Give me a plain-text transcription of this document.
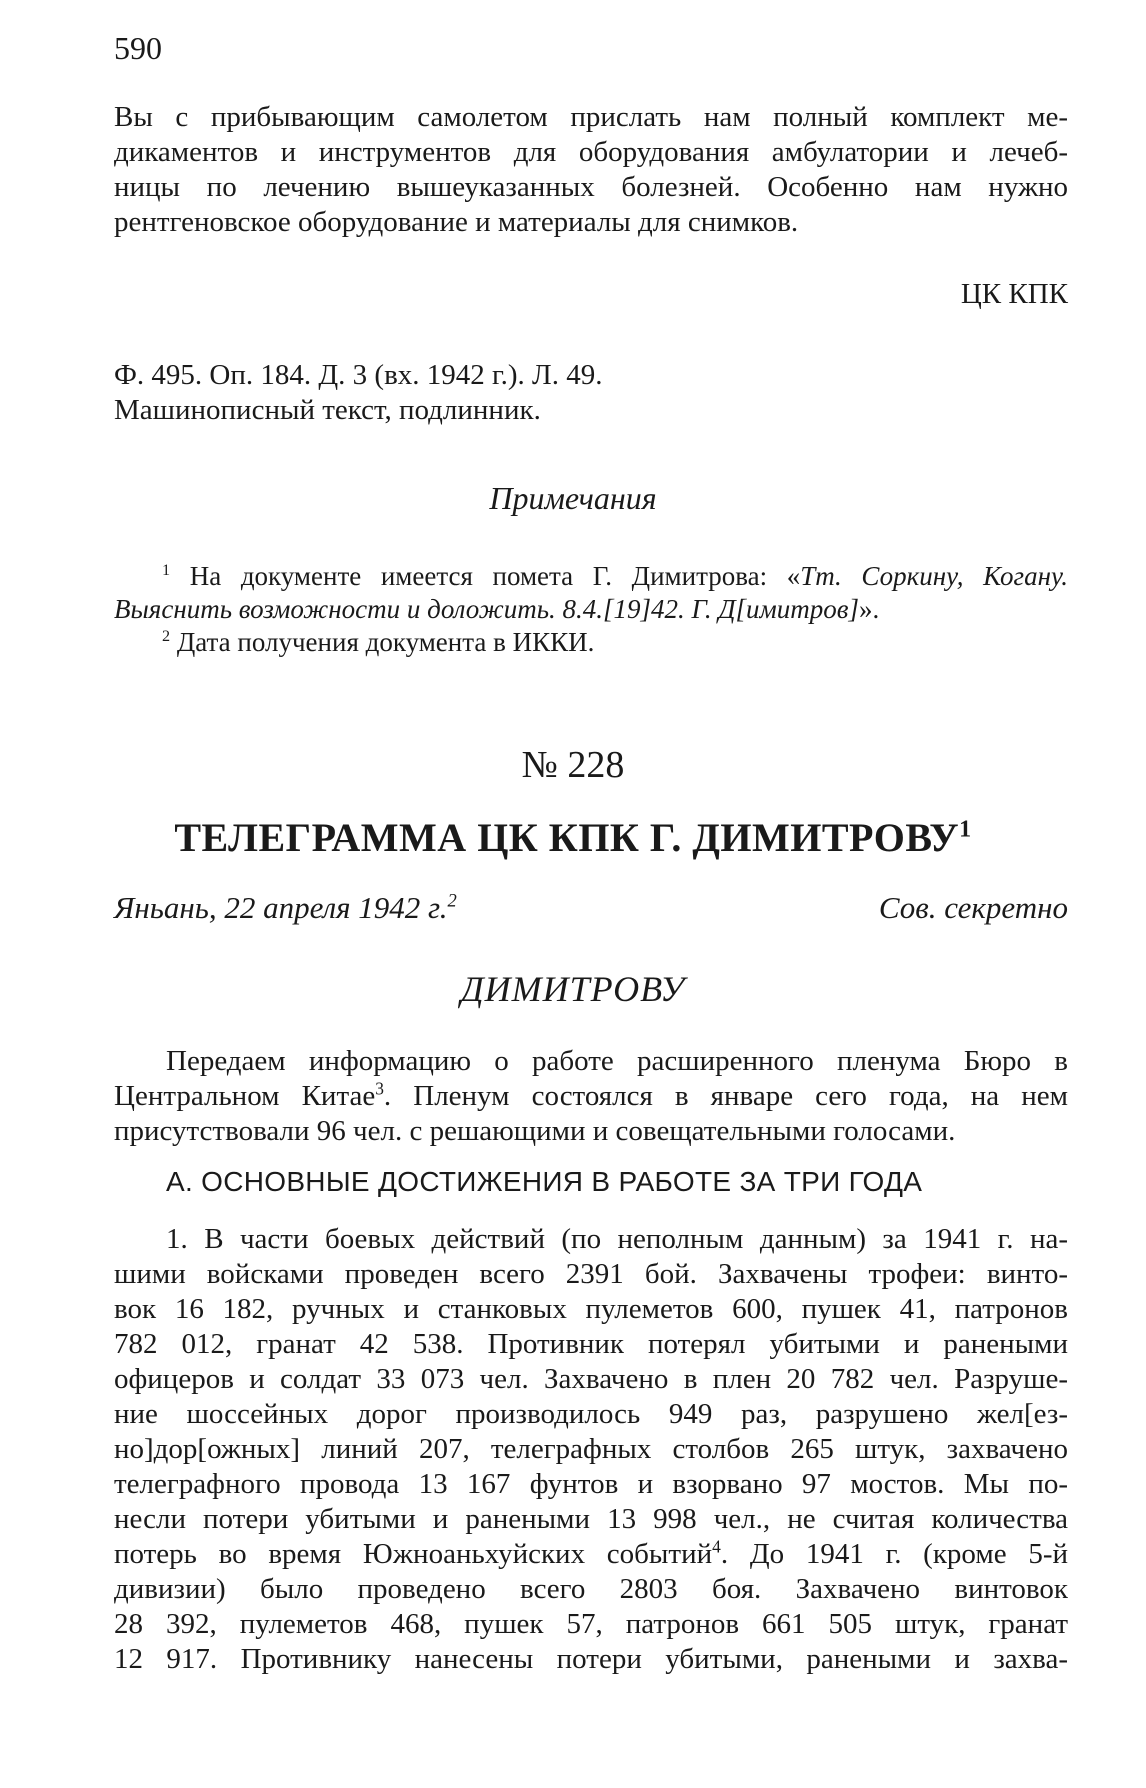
590
Вы с прибывающим самолетом прислать нам полный комплект ме-
дикаментов и инструментов для оборудования амбулатории и лечеб-
ницы по лечению вышеуказанных болезней. Особенно нам нужно
рентгеновское оборудование и материалы для снимков.
ЦК КПК
Ф. 495. Оп. 184. Д. 3 (вх. 1942 г.). Л. 49.
Машинописный текст, подлинник.
Примечания
$^1$ На документе имеется помета Г. Димитрова: «Тт. Соркину, Когану.
Выяснить возможности и доложить. 8.4.[19]42. Г. Д[имитров]».
$^2$ Дата получения документа в ИККИ.
№ 228
ТЕЛЕГРАММА ЦК КПК Г. ДИМИТРОВУ$^1$
Яньань, 22 апреля 1942 г.$^2$	Сов. секретно
ДИМИТРОВУ
Передаем информацию о работе расширенного пленума Бюро в
Центральном Китае$^3$. Пленум состоялся в январе сего года, на нем
присутствовали 96 чел. с решающими и совещательными голосами.
А. ОСНОВНЫЕ ДОСТИЖЕНИЯ В РАБОТЕ ЗА ТРИ ГОДА
1. В части боевых действий (по неполным данным) за 1941 г. на-
шими войсками проведен всего 2391 бой. Захвачены трофеи: винто-
вок 16 182, ручных и станковых пулеметов 600, пушек 41, патронов
782 012, гранат 42 538. Противник потерял убитыми и ранеными
офицеров и солдат 33 073 чел. Захвачено в плен 20 782 чел. Разруше-
ние шоссейных дорог производилось 949 раз, разрушено жел[ез-
но]дор[ожных] линий 207, телеграфных столбов 265 штук, захвачено
телеграфного провода 13 167 фунтов и взорвано 97 мостов. Мы по-
несли потери убитыми и ранеными 13 998 чел., не считая количества
потерь во время Южноаньхуйских событий$^4$. До 1941 г. (кроме 5-й
дивизии) было проведено всего 2803 боя. Захвачено винтовок
28 392, пулеметов 468, пушек 57, патронов 661 505 штук, гранат
12 917. Противнику нанесены потери убитыми, ранеными и захва-
